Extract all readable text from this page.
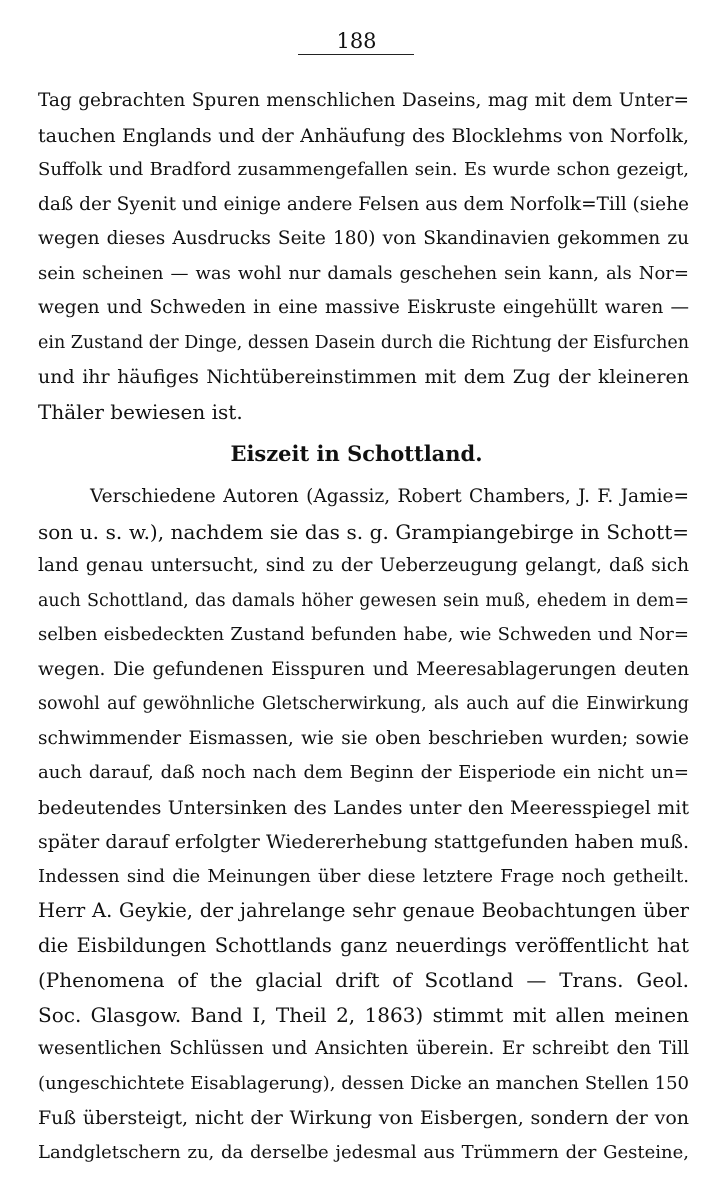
188
Tag gebrachten Spuren menschlichen Daseins, mag mit dem Unter=
tauchen Englands und der Anhäufung des Blocklehms von Norfolk,
Suffolk und Bradford zusammengefallen sein. Es wurde schon gezeigt,
daß der Syenit und einige andere Felsen aus dem Norfolk=Till (siehe
wegen dieses Ausdrucks Seite 180) von Skandinavien gekommen zu
sein scheinen — was wohl nur damals geschehen sein kann, als Nor=
wegen und Schweden in eine massive Eiskruste eingehüllt waren —
ein Zustand der Dinge, dessen Dasein durch die Richtung der Eisfurchen
und ihr häufiges Nichtübereinstimmen mit dem Zug der kleineren
Thäler bewiesen ist.
Eiszeit in Schottland.
Verschiedene Autoren (Agassiz, Robert Chambers, J. F. Jamie=
son u. s. w.), nachdem sie das s. g. Grampiangebirge in Schott=
land genau untersucht, sind zu der Ueberzeugung gelangt, daß sich
auch Schottland, das damals höher gewesen sein muß, ehedem in dem=
selben eisbedeckten Zustand befunden habe, wie Schweden und Nor=
wegen. Die gefundenen Eisspuren und Meeresablagerungen deuten
sowohl auf gewöhnliche Gletscherwirkung, als auch auf die Einwirkung
schwimmender Eismassen, wie sie oben beschrieben wurden; sowie
auch darauf, daß noch nach dem Beginn der Eisperiode ein nicht un=
bedeutendes Untersinken des Landes unter den Meeresspiegel mit
später darauf erfolgter Wiedererhebung stattgefunden haben muß.
Indessen sind die Meinungen über diese letztere Frage noch getheilt.
Herr A. Geykie, der jahrelange sehr genaue Beobachtungen über
die Eisbildungen Schottlands ganz neuerdings veröffentlicht hat
(Phenomena of the glacial drift of Scotland — Trans. Geol.
Soc. Glasgow. Band I, Theil 2, 1863) stimmt mit allen meinen
wesentlichen Schlüssen und Ansichten überein. Er schreibt den Till
(ungeschichtete Eisablagerung), dessen Dicke an manchen Stellen 150
Fuß übersteigt, nicht der Wirkung von Eisbergen, sondern der von
Landgletschern zu, da derselbe jedesmal aus Trümmern der Gesteine,
